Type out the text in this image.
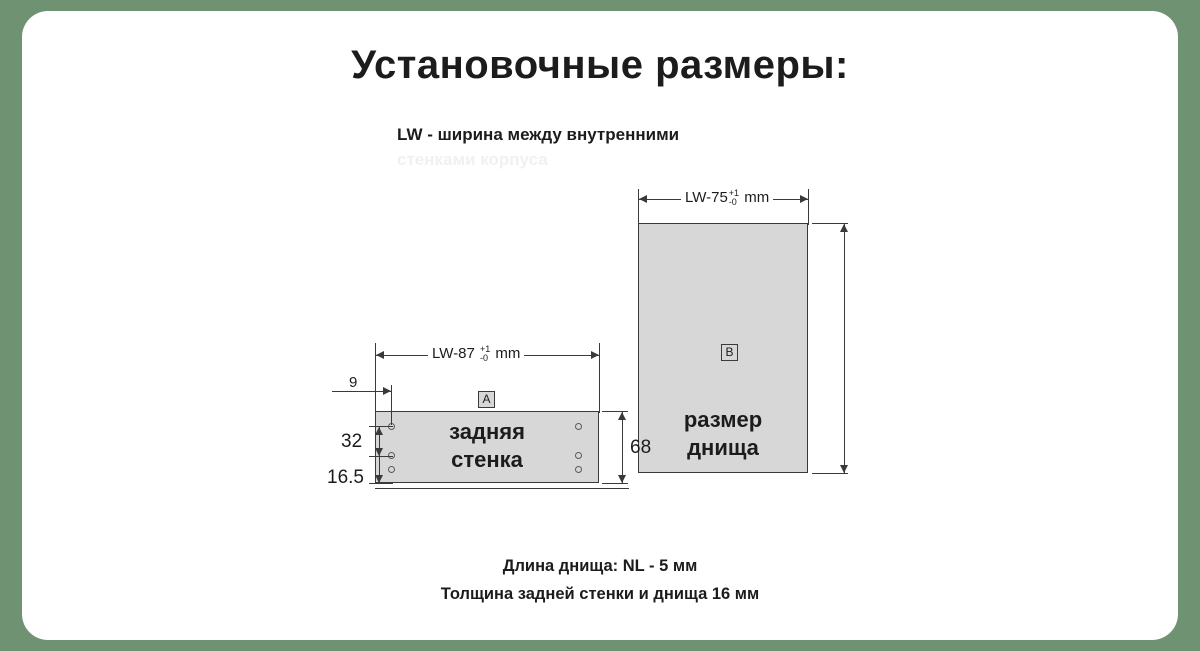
Установочные размеры:
LW - ширина между внутренними
стенками корпуса
B
размер
днища
LW-75 +1
-0 mm
A
задняя
стенка
LW-87 +1
-0 mm
9
68
32
16.5
Длина днища: NL - 5 мм
Толщина задней стенки и днища 16 мм
